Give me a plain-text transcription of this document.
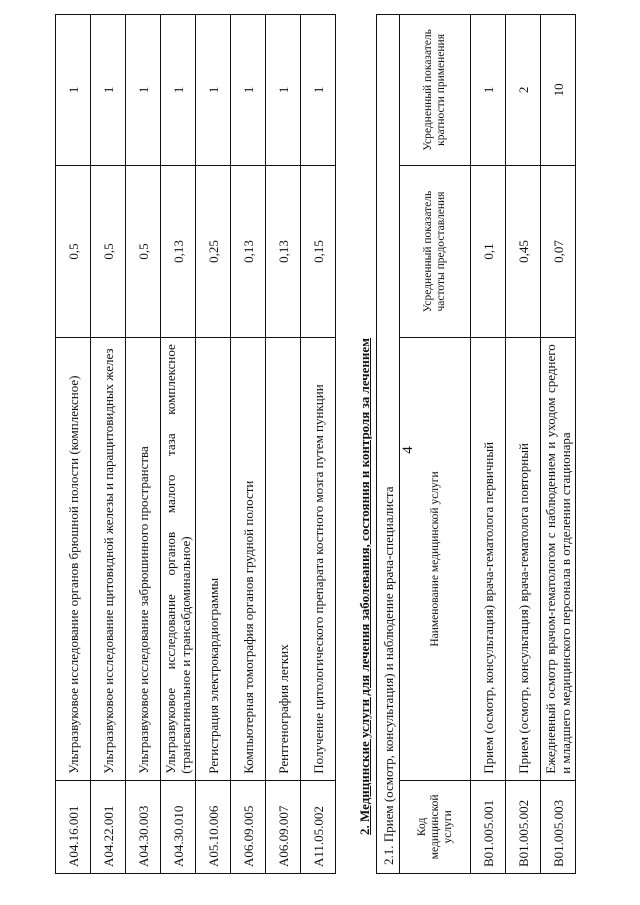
4
A04.16.001	Ультразвуковое исследование органов брюшной полости (комплексное)	0,5	1
A04.22.001	Ультразвуковое исследование щитовидной железы и паращитовидных желез	0,5	1
A04.30.003	Ультразвуковое исследование забрюшинного пространства	0,5	1
A04.30.010	Ультразвуковое исследование органов малого таза комплексное (трансвагинальное и трансабдоминальное)	0,13	1
A05.10.006	Регистрация электрокардиограммы	0,25	1
A06.09.005	Компьютерная томография органов грудной полости	0,13	1
A06.09.007	Рентгенография легких	0,13	1
A11.05.002	Получение цитологического препарата костного мозга путем пункции	0,15	1
2. Медицинские услуги для лечения заболевания, состояния и контроля за лечением 2.1. Прием (осмотр, консультация) и наблюдение врача-специалиста			
Код медицинской услуги	Наименование медицинской услуги	Усредненный показатель частоты предоставления	Усредненный показатель кратности применения
B01.005.001	Прием (осмотр, консультация) врача-гематолога первичный	0,1	1
B01.005.002	Прием (осмотр, консультация) врача-гематолога повторный	0,45	2
B01.005.003	Ежедневный осмотр врачом-гематологом с наблюдением и уходом среднего и младшего медицинского персонала в отделении стационара	0,07	10
